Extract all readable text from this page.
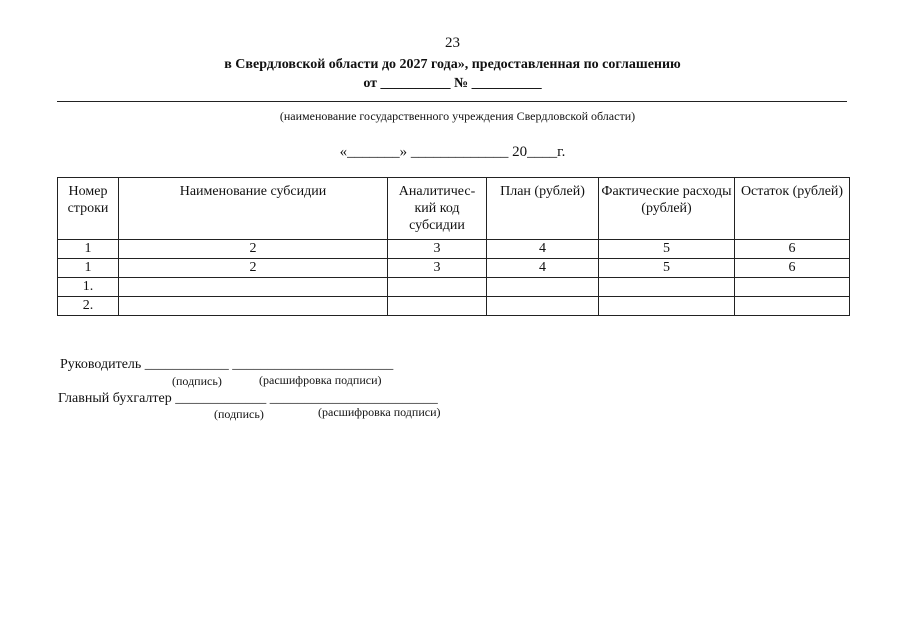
23
в Свердловской области до 2027 года», предоставленная по соглашению
от __________ № __________
(наименование государственного учреждения Свердловской области)
«_______» _____________ 20____г.
Номер строки	Наименование субсидии	Аналитичес-кий код субсидии	План (рублей)	Фактические расходы (рублей)	Остаток (рублей)
1	2	3	4	5	6
1	2	3	4	5	6
1.					
2.					
Руководитель ____________ _______________________
(подпись)	(расшифровка подписи)
Главный бухгалтер _____________ ________________________
(подпись)	(расшифровка подписи)
